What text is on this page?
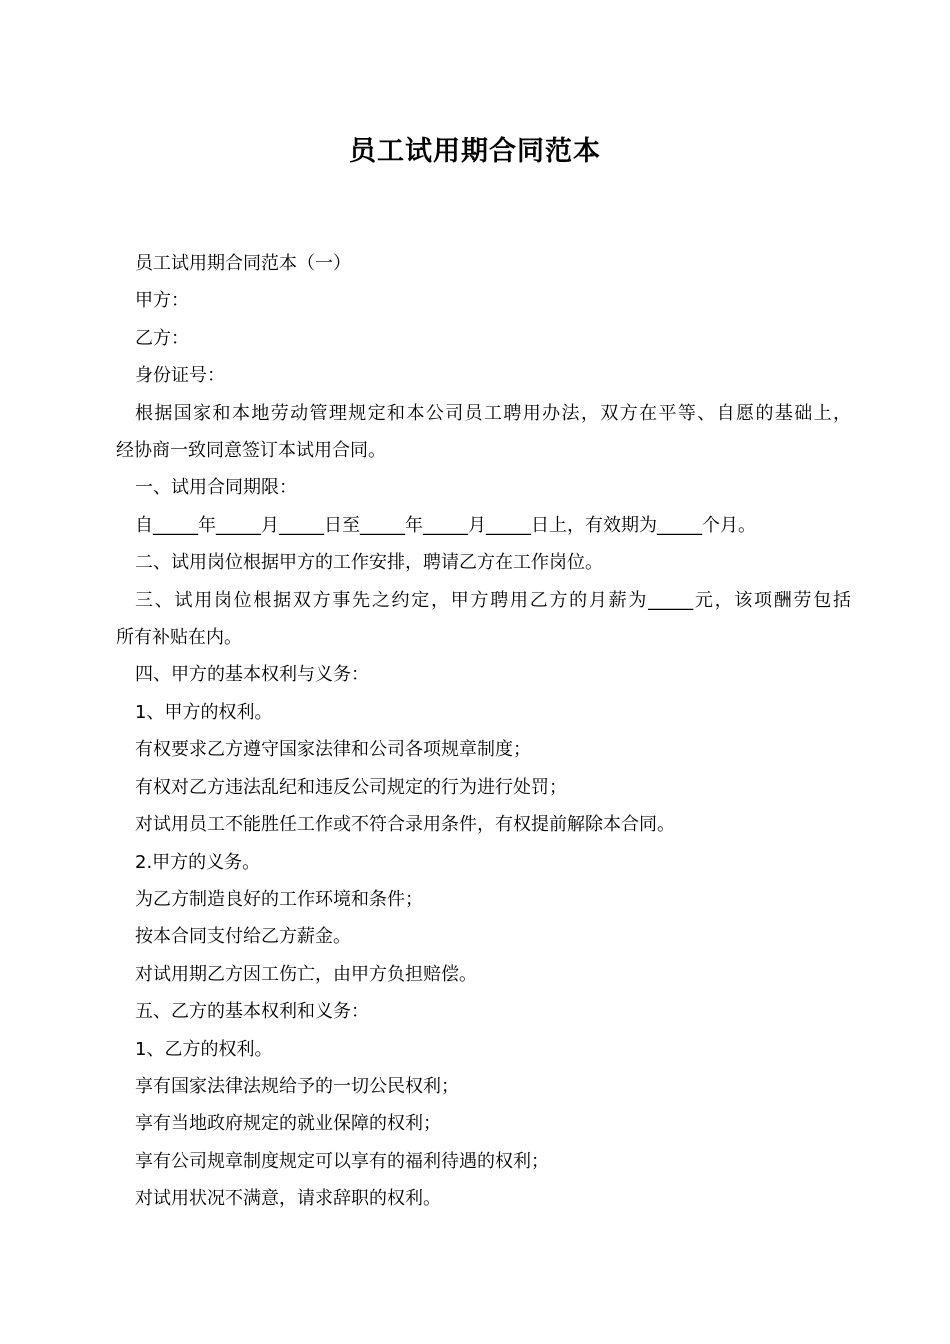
员工试用期合同范本

员工试用期合同范本（一）

甲方：

乙方：

身份证号：

根据国家和本地劳动管理规定和本公司员工聘用办法，双方在平等、自愿的基础上，

经协商一致同意签订本试用合同。

一、试用合同期限：

自_____年_____月_____日至_____年_____月_____日上，有效期为_____个月。

二、试用岗位根据甲方的工作安排，聘请乙方在工作岗位。

三、试用岗位根据双方事先之约定，甲方聘用乙方的月薪为_____元，该项酬劳包括

所有补贴在内。

四、甲方的基本权利与义务：

1、甲方的权利。

有权要求乙方遵守国家法律和公司各项规章制度；

有权对乙方违法乱纪和违反公司规定的行为进行处罚；

对试用员工不能胜任工作或不符合录用条件，有权提前解除本合同。

2.甲方的义务。

为乙方制造良好的工作环境和条件；

按本合同支付给乙方薪金。

对试用期乙方因工伤亡，由甲方负担赔偿。

五、乙方的基本权利和义务：

1、乙方的权利。

享有国家法律法规给予的一切公民权利；

享有当地政府规定的就业保障的权利；

享有公司规章制度规定可以享有的福利待遇的权利；

对试用状况不满意，请求辞职的权利。
